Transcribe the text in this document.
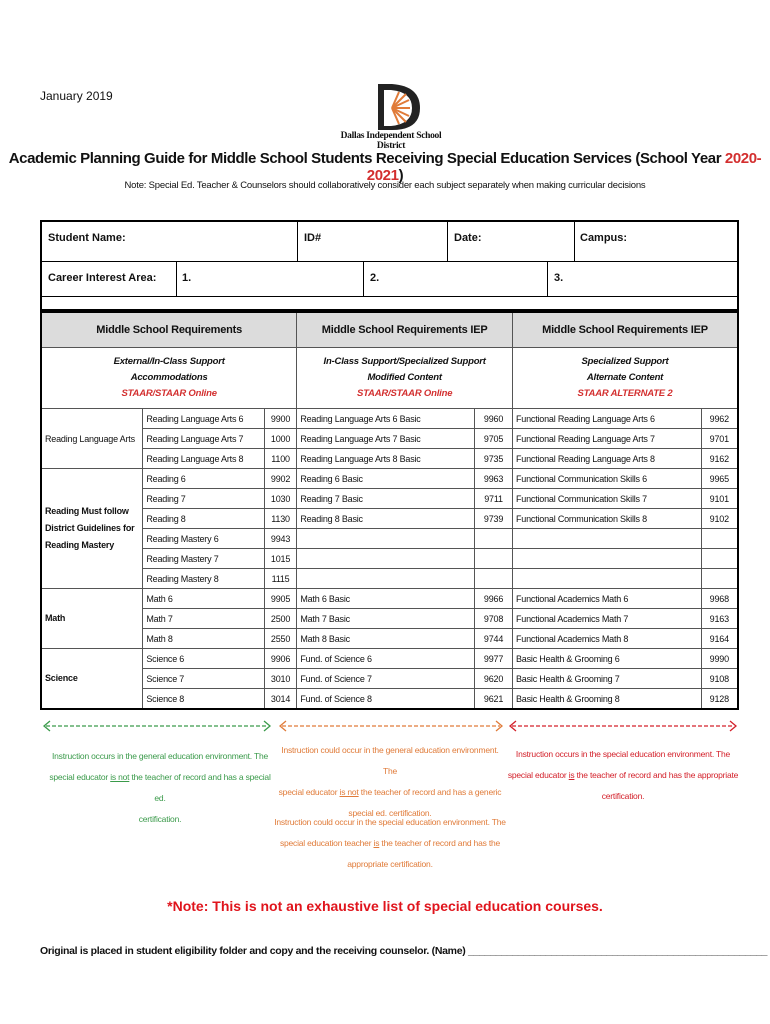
January 2019
Dallas Independent School District
Academic Planning Guide for Middle School Students Receiving Special Education Services (School Year 2020-2021)
Note: Special Ed. Teacher & Counselors should collaboratively consider each subject separately when making curricular decisions
Student Name:	ID#	Date:	Campus:
Career Interest Area: 1.	2.	3.
Middle School Requirements			Middle School Requirements IEP		Middle School Requirements IEP	
External/In-Class Support
Accommodations
STAAR/STAAR Online			In-Class Support/Specialized Support
Modified Content
STAAR/STAAR Online		Specialized Support
Alternate Content
STAAR ALTERNATE 2	
Reading Language Arts	Reading Language Arts 6	9900	Reading Language Arts 6 Basic	9960	Functional Reading Language Arts 6	9962
	Reading Language Arts 7	1000	Reading Language Arts 7 Basic	9705	Functional Reading Language Arts 7	9701
	Reading Language Arts 8	1100	Reading Language Arts 8 Basic	9735	Functional Reading Language Arts 8	9162
Reading Must follow District Guidelines for Reading Mastery	Reading 6	9902	Reading 6 Basic	9963	Functional Communication Skills 6	9965
	Reading 7	1030	Reading 7 Basic	9711	Functional Communication Skills 7	9101
	Reading 8	1130	Reading 8 Basic	9739	Functional Communication Skills 8	9102
	Reading Mastery 6	9943				
	Reading Mastery 7	1015				
	Reading Mastery 8	1115				
Math	Math 6	9905	Math 6 Basic	9966	Functional Academics Math 6	9968
	Math 7	2500	Math 7 Basic	9708	Functional Academics Math 7	9163
	Math 8	2550	Math 8 Basic	9744	Functional Academics Math 8	9164
Science	Science 6	9906	Fund. of Science 6	9977	Basic Health & Grooming 6	9990
	Science 7	3010	Fund. of Science 7	9620	Basic Health & Grooming 7	9108
	Science 8	3014	Fund. of Science 8	9621	Basic Health & Grooming 8	9128
Instruction occurs in the general education environment. The
special educator is not the teacher of record and has a special ed.
certification.
Instruction could occur in the general education environment. The
special educator is not the teacher of record and has a generic
special ed. certification.
Instruction occurs in the special education environment. The
special educator is the teacher of record and has the appropriate
certification.
Instruction could occur in the special education environment. The
special education teacher is the teacher of record and has the
appropriate certification.
*Note: This is not an exhaustive list of special education courses.
Original is placed in student eligibility folder and copy and the receiving counselor. (Name) ______________________________________________________
